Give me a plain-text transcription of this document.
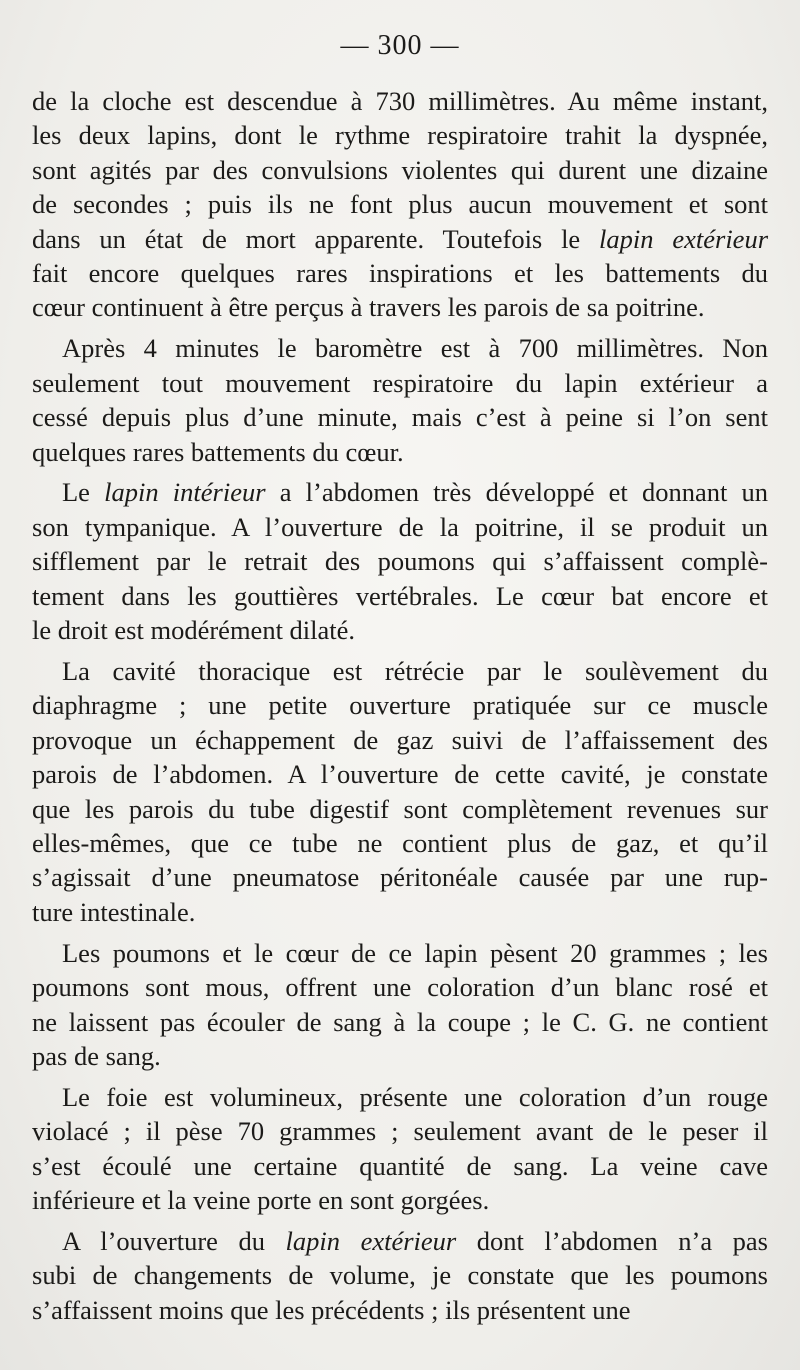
— 300 —
de la cloche est descendue à 730 millimètres. Au même instant,
les deux lapins, dont le rythme respiratoire trahit la dyspnée,
sont agités par des convulsions violentes qui durent une dizaine
de secondes ; puis ils ne font plus aucun mouvement et sont
dans un état de mort apparente. Toutefois le lapin extérieur
fait encore quelques rares inspirations et les battements du
cœur continuent à être perçus à travers les parois de sa poitrine.
Après 4 minutes le baromètre est à 700 millimètres. Non
seulement tout mouvement respiratoire du lapin extérieur a
cessé depuis plus d’une minute, mais c’est à peine si l’on sent
quelques rares battements du cœur.
Le lapin intérieur a l’abdomen très développé et donnant un
son tympanique. A l’ouverture de la poitrine, il se produit un
sifflement par le retrait des poumons qui s’affaissent complè-
tement dans les gouttières vertébrales. Le cœur bat encore et
le droit est modérément dilaté.
La cavité thoracique est rétrécie par le soulèvement du
diaphragme ; une petite ouverture pratiquée sur ce muscle
provoque un échappement de gaz suivi de l’affaissement des
parois de l’abdomen. A l’ouverture de cette cavité, je constate
que les parois du tube digestif sont complètement revenues sur
elles-mêmes, que ce tube ne contient plus de gaz, et qu’il
s’agissait d’une pneumatose péritonéale causée par une rup-
ture intestinale.
Les poumons et le cœur de ce lapin pèsent 20 grammes ; les
poumons sont mous, offrent une coloration d’un blanc rosé et
ne laissent pas écouler de sang à la coupe ; le C. G. ne contient
pas de sang.
Le foie est volumineux, présente une coloration d’un rouge
violacé ; il pèse 70 grammes ; seulement avant de le peser il
s’est écoulé une certaine quantité de sang. La veine cave
inférieure et la veine porte en sont gorgées.
A l’ouverture du lapin extérieur dont l’abdomen n’a pas
subi de changements de volume, je constate que les poumons
s’affaissent moins que les précédents ; ils présentent une
